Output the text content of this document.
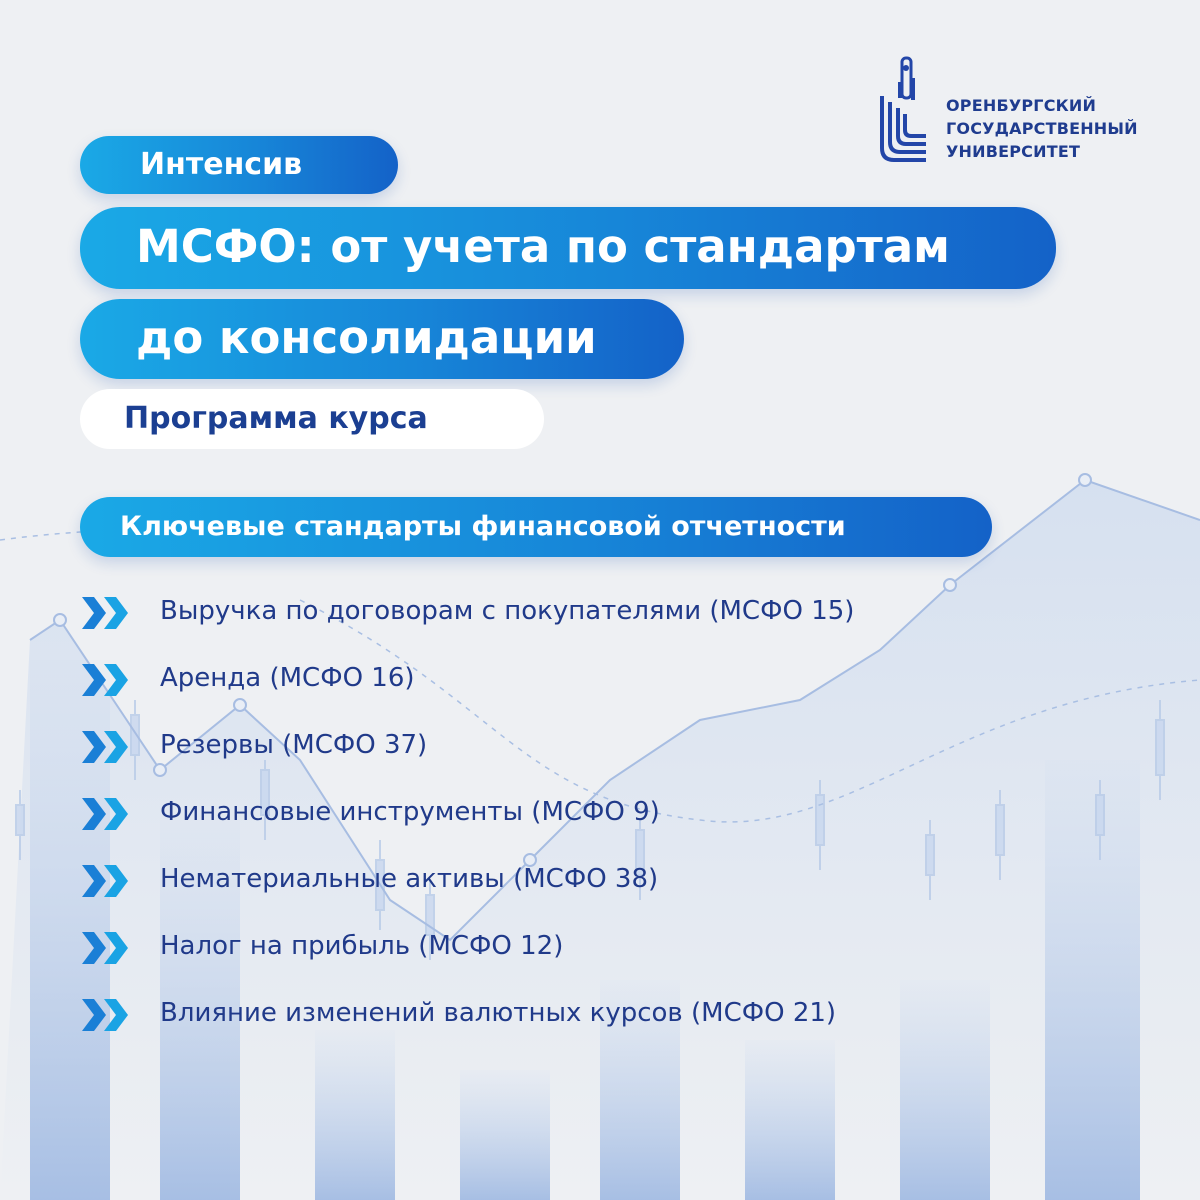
ОРЕНБУРГСКИЙ
ГОСУДАРСТВЕННЫЙ
УНИВЕРСИТЕТ
Интенсив
МСФО: от учета по стандартам
до консолидации
Программа курса
Ключевые стандарты финансовой отчетности
Выручка по договорам с покупателями (МСФО 15)
Аренда (МСФО 16)
Резервы (МСФО 37)
Финансовые инструменты (МСФО 9)
Нематериальные активы (МСФО 38)
Налог на прибыль (МСФО 12)
Влияние изменений валютных курсов (МСФО 21)
